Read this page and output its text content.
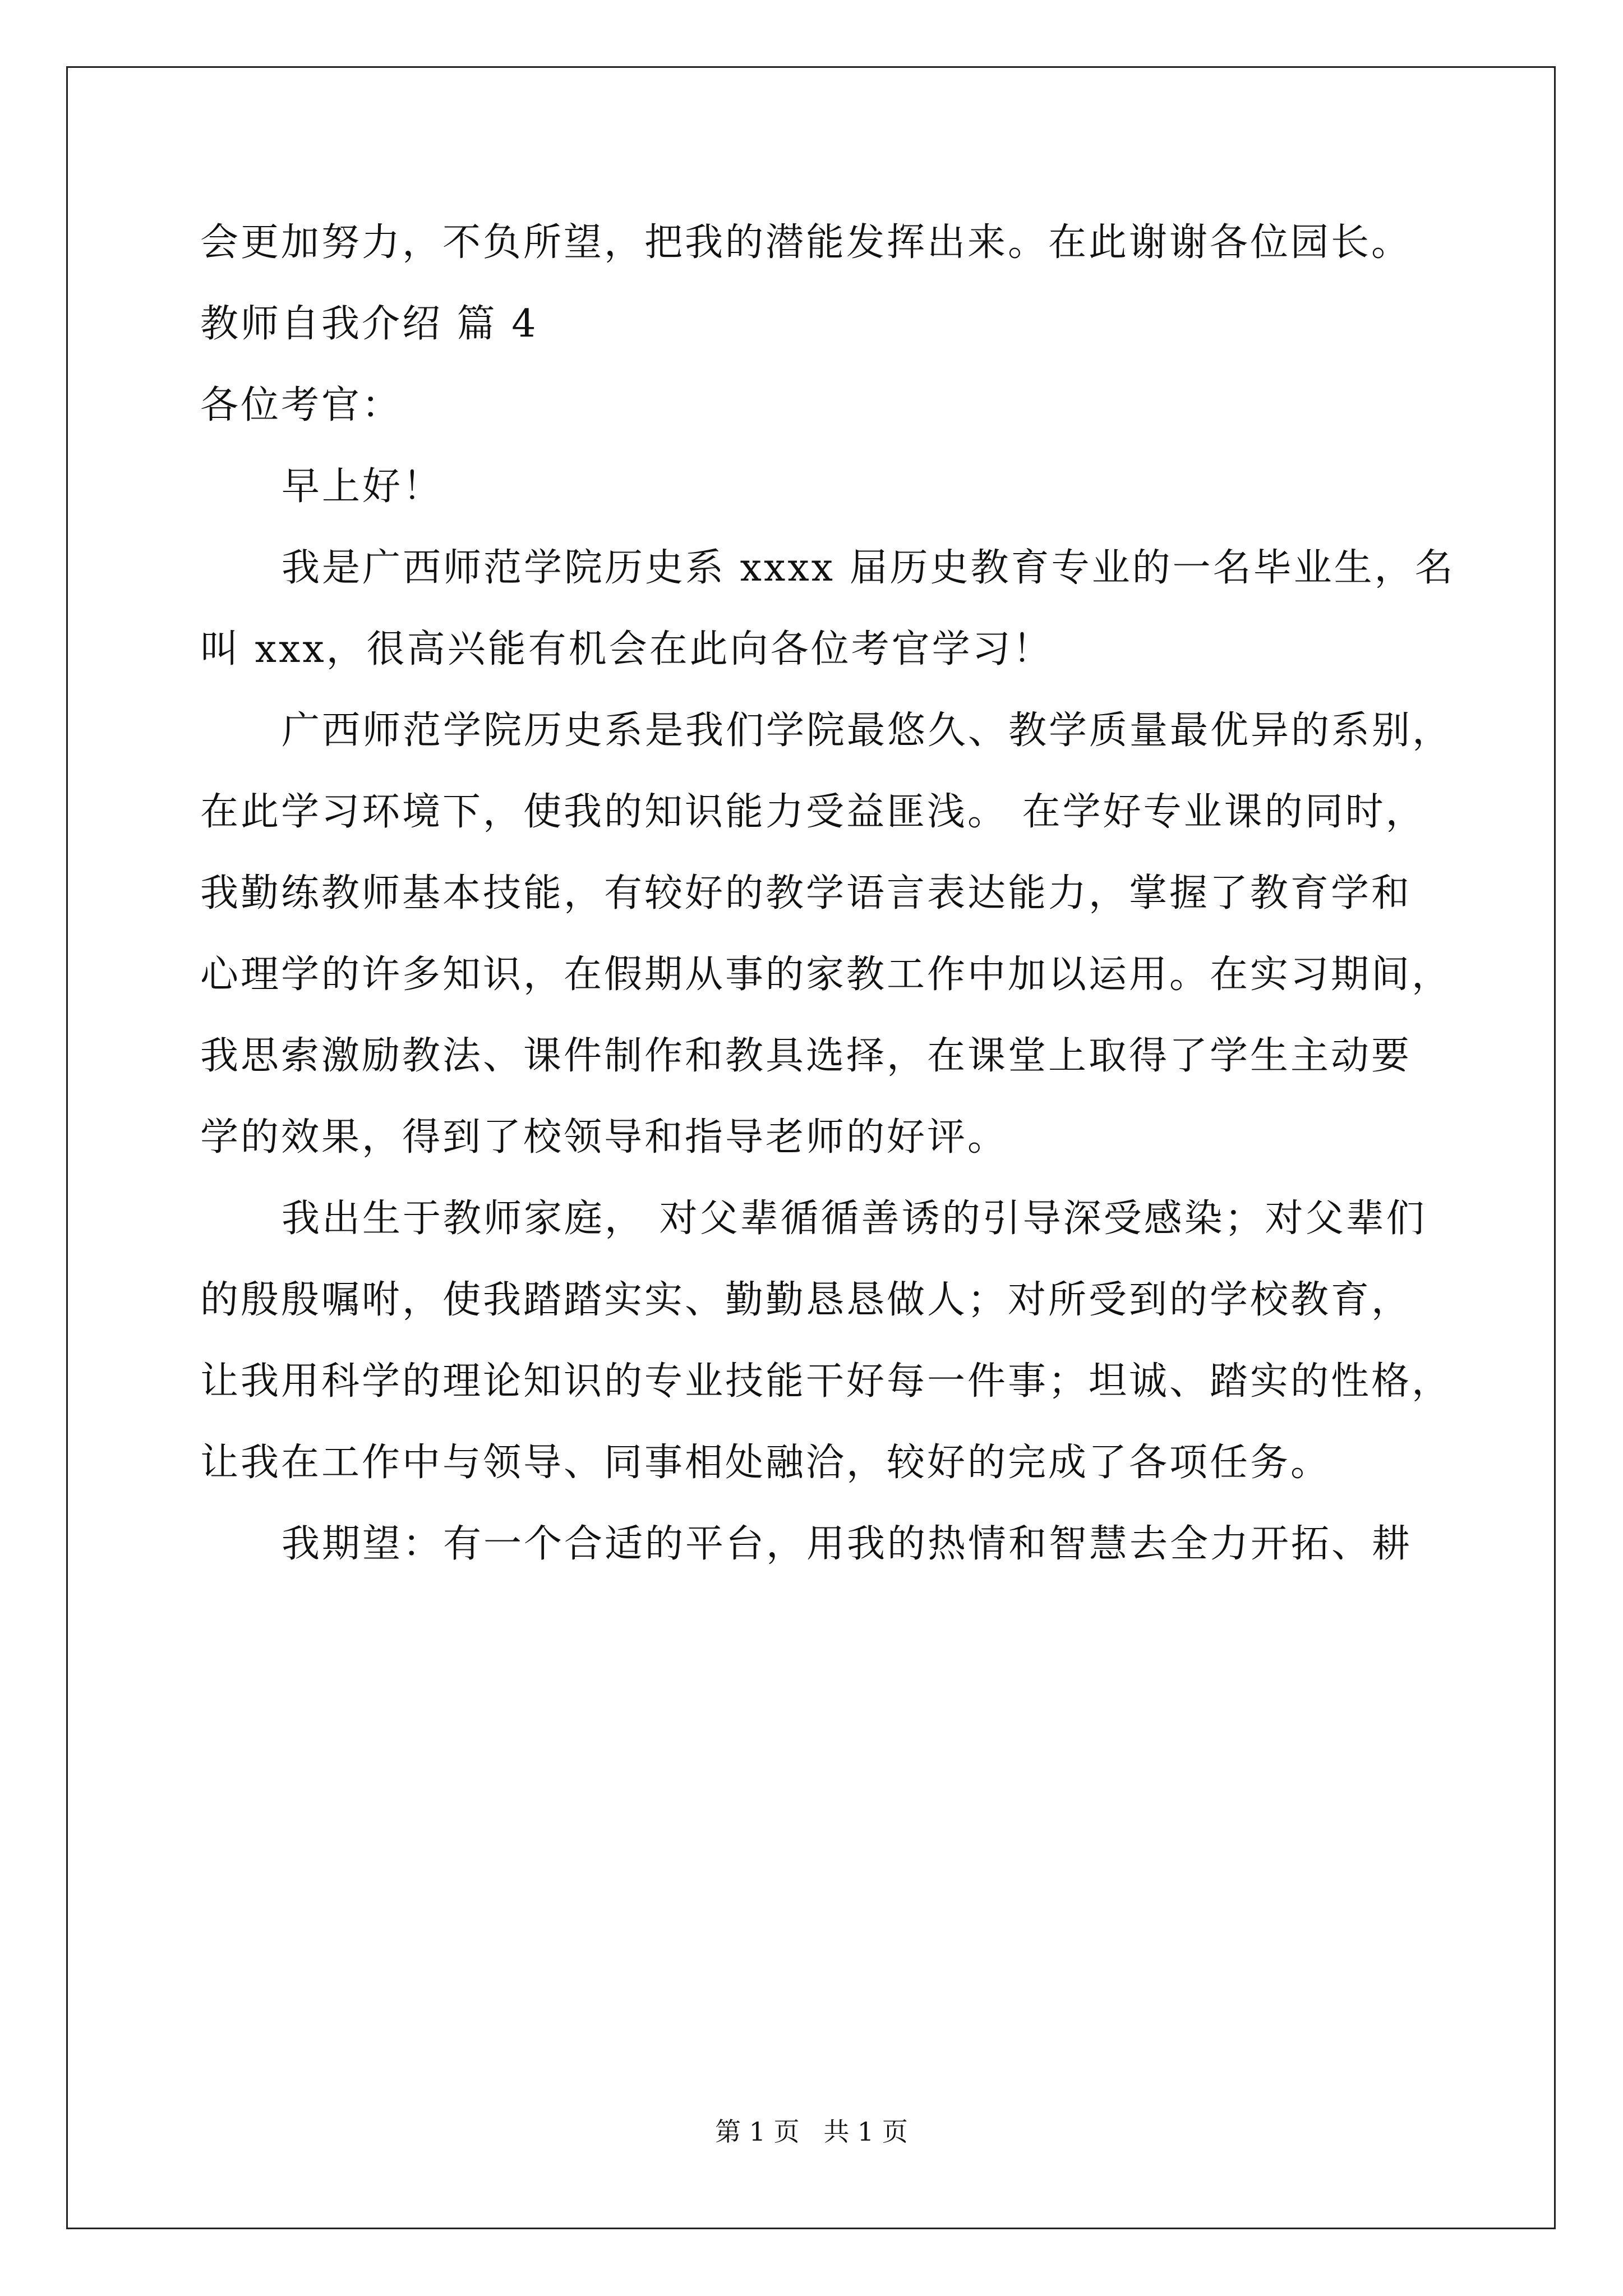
会更加努力，不负所望，把我的潜能发挥出来。在此谢谢各位园长。
教师自我介绍 篇 4
各位考官：
早上好！
我是广西师范学院历史系 xxxx 届历史教育专业的一名毕业生，名
叫 xxx，很高兴能有机会在此向各位考官学习！
广西师范学院历史系是我们学院最悠久、教学质量最优异的系别，
在此学习环境下，使我的知识能力受益匪浅。 在学好专业课的同时，
我勤练教师基本技能，有较好的教学语言表达能力，掌握了教育学和
心理学的许多知识，在假期从事的家教工作中加以运用。在实习期间，
我思索激励教法、课件制作和教具选择，在课堂上取得了学生主动要
学的效果，得到了校领导和指导老师的好评。
我出生于教师家庭， 对父辈循循善诱的引导深受感染；对父辈们
的殷殷嘱咐，使我踏踏实实、勤勤恳恳做人；对所受到的学校教育，
让我用科学的理论知识的专业技能干好每一件事；坦诚、踏实的性格，
让我在工作中与领导、同事相处融洽，较好的完成了各项任务。
我期望：有一个合适的平台，用我的热情和智慧去全力开拓、耕
第 1 页 共 1 页
